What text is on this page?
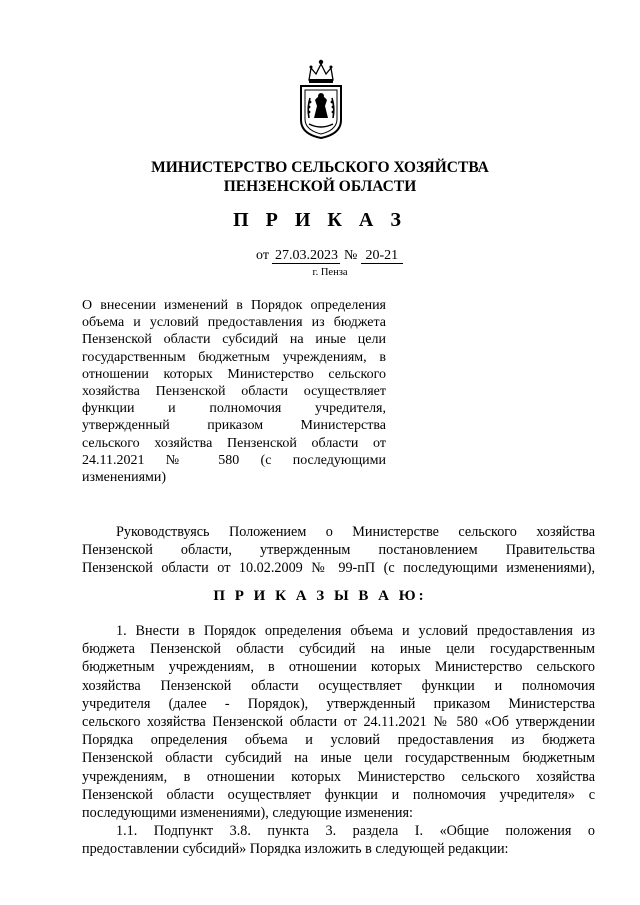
МИНИСТЕРСТВО СЕЛЬСКОГО ХОЗЯЙСТВА
ПЕНЗЕНСКОЙ ОБЛАСТИ
П Р И К А З
от 27.03.2023 № 20-21
г. Пенза
О внесении изменений в Порядок определения
объема и условий предоставления из бюджета
Пензенской области субсидий на иные цели
государственным бюджетным учреждениям, в
отношении которых Министерство сельского
хозяйства Пензенской области осуществляет
функции и полномочия учредителя,
утвержденный приказом Министерства
сельского хозяйства Пензенской области от
24.11.2021 № 580 (с последующими
изменениями)
Руководствуясь Положением о Министерстве сельского хозяйства
Пензенской области, утвержденным постановлением Правительства
Пензенской области от 10.02.2009 № 99-пП (с последующими изменениями),
П Р И К А З Ы В А Ю:
1. Внести в Порядок определения объема и условий предоставления из
бюджета Пензенской области субсидий на иные цели государственным
бюджетным учреждениям, в отношении которых Министерство сельского
хозяйства Пензенской области осуществляет функции и полномочия
учредителя (далее - Порядок), утвержденный приказом Министерства
сельского хозяйства Пензенской области от 24.11.2021 № 580 «Об утверждении
Порядка определения объема и условий предоставления из бюджета
Пензенской области субсидий на иные цели государственным бюджетным
учреждениям, в отношении которых Министерство сельского хозяйства
Пензенской области осуществляет функции и полномочия учредителя» с
последующими изменениями), следующие изменения:
1.1. Подпункт 3.8. пункта 3. раздела I. «Общие положения о
предоставлении субсидий» Порядка изложить в следующей редакции:
